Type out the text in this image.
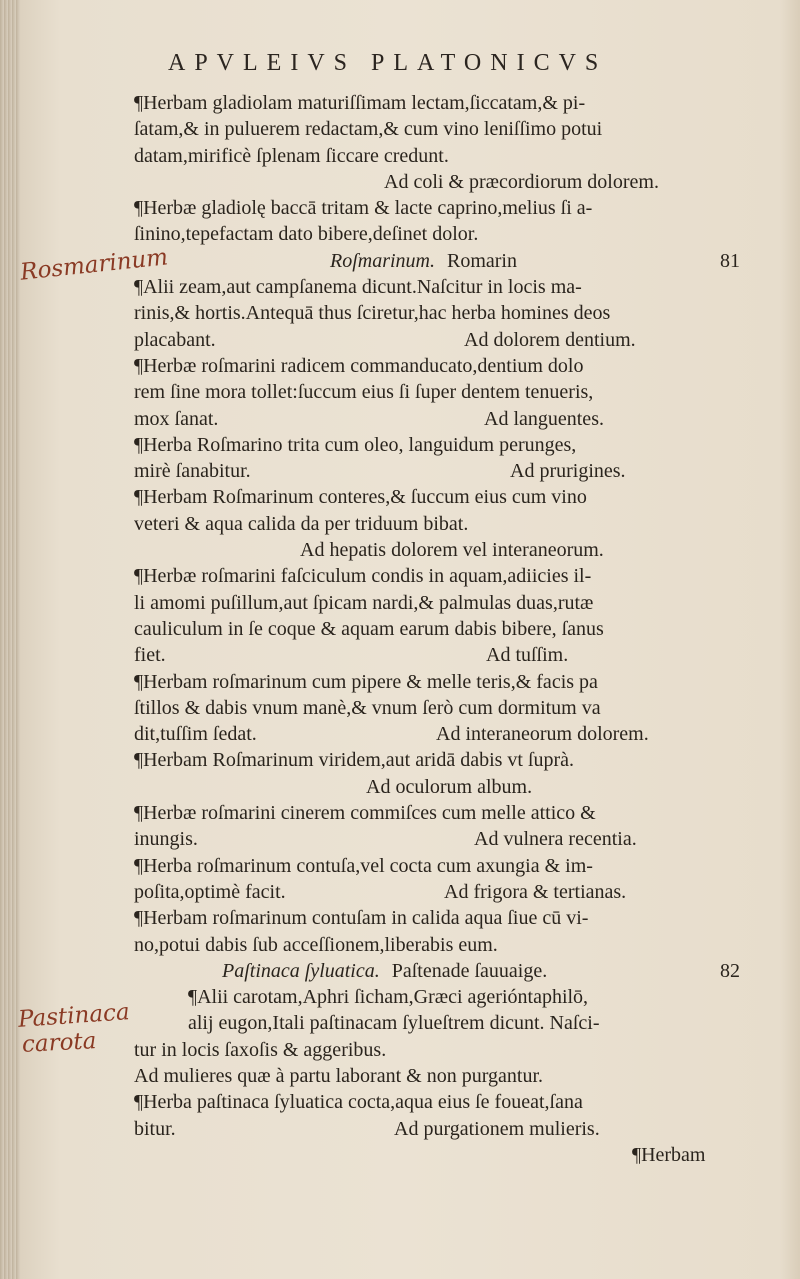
APVLEIVS PLATONICVS
Rosmarinum
Pastinaca
carota
¶Herbam gladiolam maturiſſimam lectam,ſiccatam,& pi-
ſatam,& in puluerem redactam,& cum vino leniſſimo potui
datam,mirificè ſplenam ſiccare credunt.
Ad coli & præcordiorum dolorem.
¶Herbæ gladiolę baccā tritam & lacte caprino,melius ſi a-
ſinino,tepefactam dato bibere,deſinet dolor.
Roſmarinum. Romarin	81
¶Alii zeam,aut campſanema dicunt.Naſcitur in locis ma-
rinis,& hortis.Antequā thus ſciretur,hac herba homines deos
placabant.	Ad dolorem dentium.
¶Herbæ roſmarini radicem commanducato,dentium dolo
rem ſine mora tollet:ſuccum eius ſi ſuper dentem tenueris,
mox ſanat.	Ad languentes.
¶Herba Roſmarino trita cum oleo, languidum perunges,
mirè ſanabitur.	Ad prurigines.
¶Herbam Roſmarinum conteres,& ſuccum eius cum vino
veteri & aqua calida da per triduum bibat.
Ad hepatis dolorem vel interaneorum.
¶Herbæ roſmarini faſciculum condis in aquam,adiicies il-
li amomi puſillum,aut ſpicam nardi,& palmulas duas,rutæ
cauliculum in ſe coque & aquam earum dabis bibere, ſanus
fiet.	Ad tuſſim.
¶Herbam roſmarinum cum pipere & melle teris,& facis pa
ſtillos & dabis vnum manè,& vnum ſerò cum dormitum va
dit,tuſſim ſedat.	Ad interaneorum dolorem.
¶Herbam Roſmarinum viridem,aut aridā dabis vt ſuprà.
Ad oculorum album.
¶Herbæ roſmarini cinerem commiſces cum melle attico &
inungis.	Ad vulnera recentia.
¶Herba roſmarinum contuſa,vel cocta cum axungia & im-
poſita,optimè facit.	Ad frigora & tertianas.
¶Herbam roſmarinum contuſam in calida aqua ſiue cū vi-
no,potui dabis ſub acceſſionem,liberabis eum.
Paſtinaca ſyluatica. Paſtenade ſauuaige.	82
¶Alii carotam,Aphri ſicham,Græci agerióntaphilō,
alij eugon,Itali paſtinacam ſylueſtrem dicunt. Naſci-
tur in locis ſaxoſis & aggeribus.
Ad mulieres quæ à partu laborant & non purgantur.
¶Herba paſtinaca ſyluatica cocta,aqua eius ſe foueat,ſana
bitur.	Ad purgationem mulieris.
¶Herbam
